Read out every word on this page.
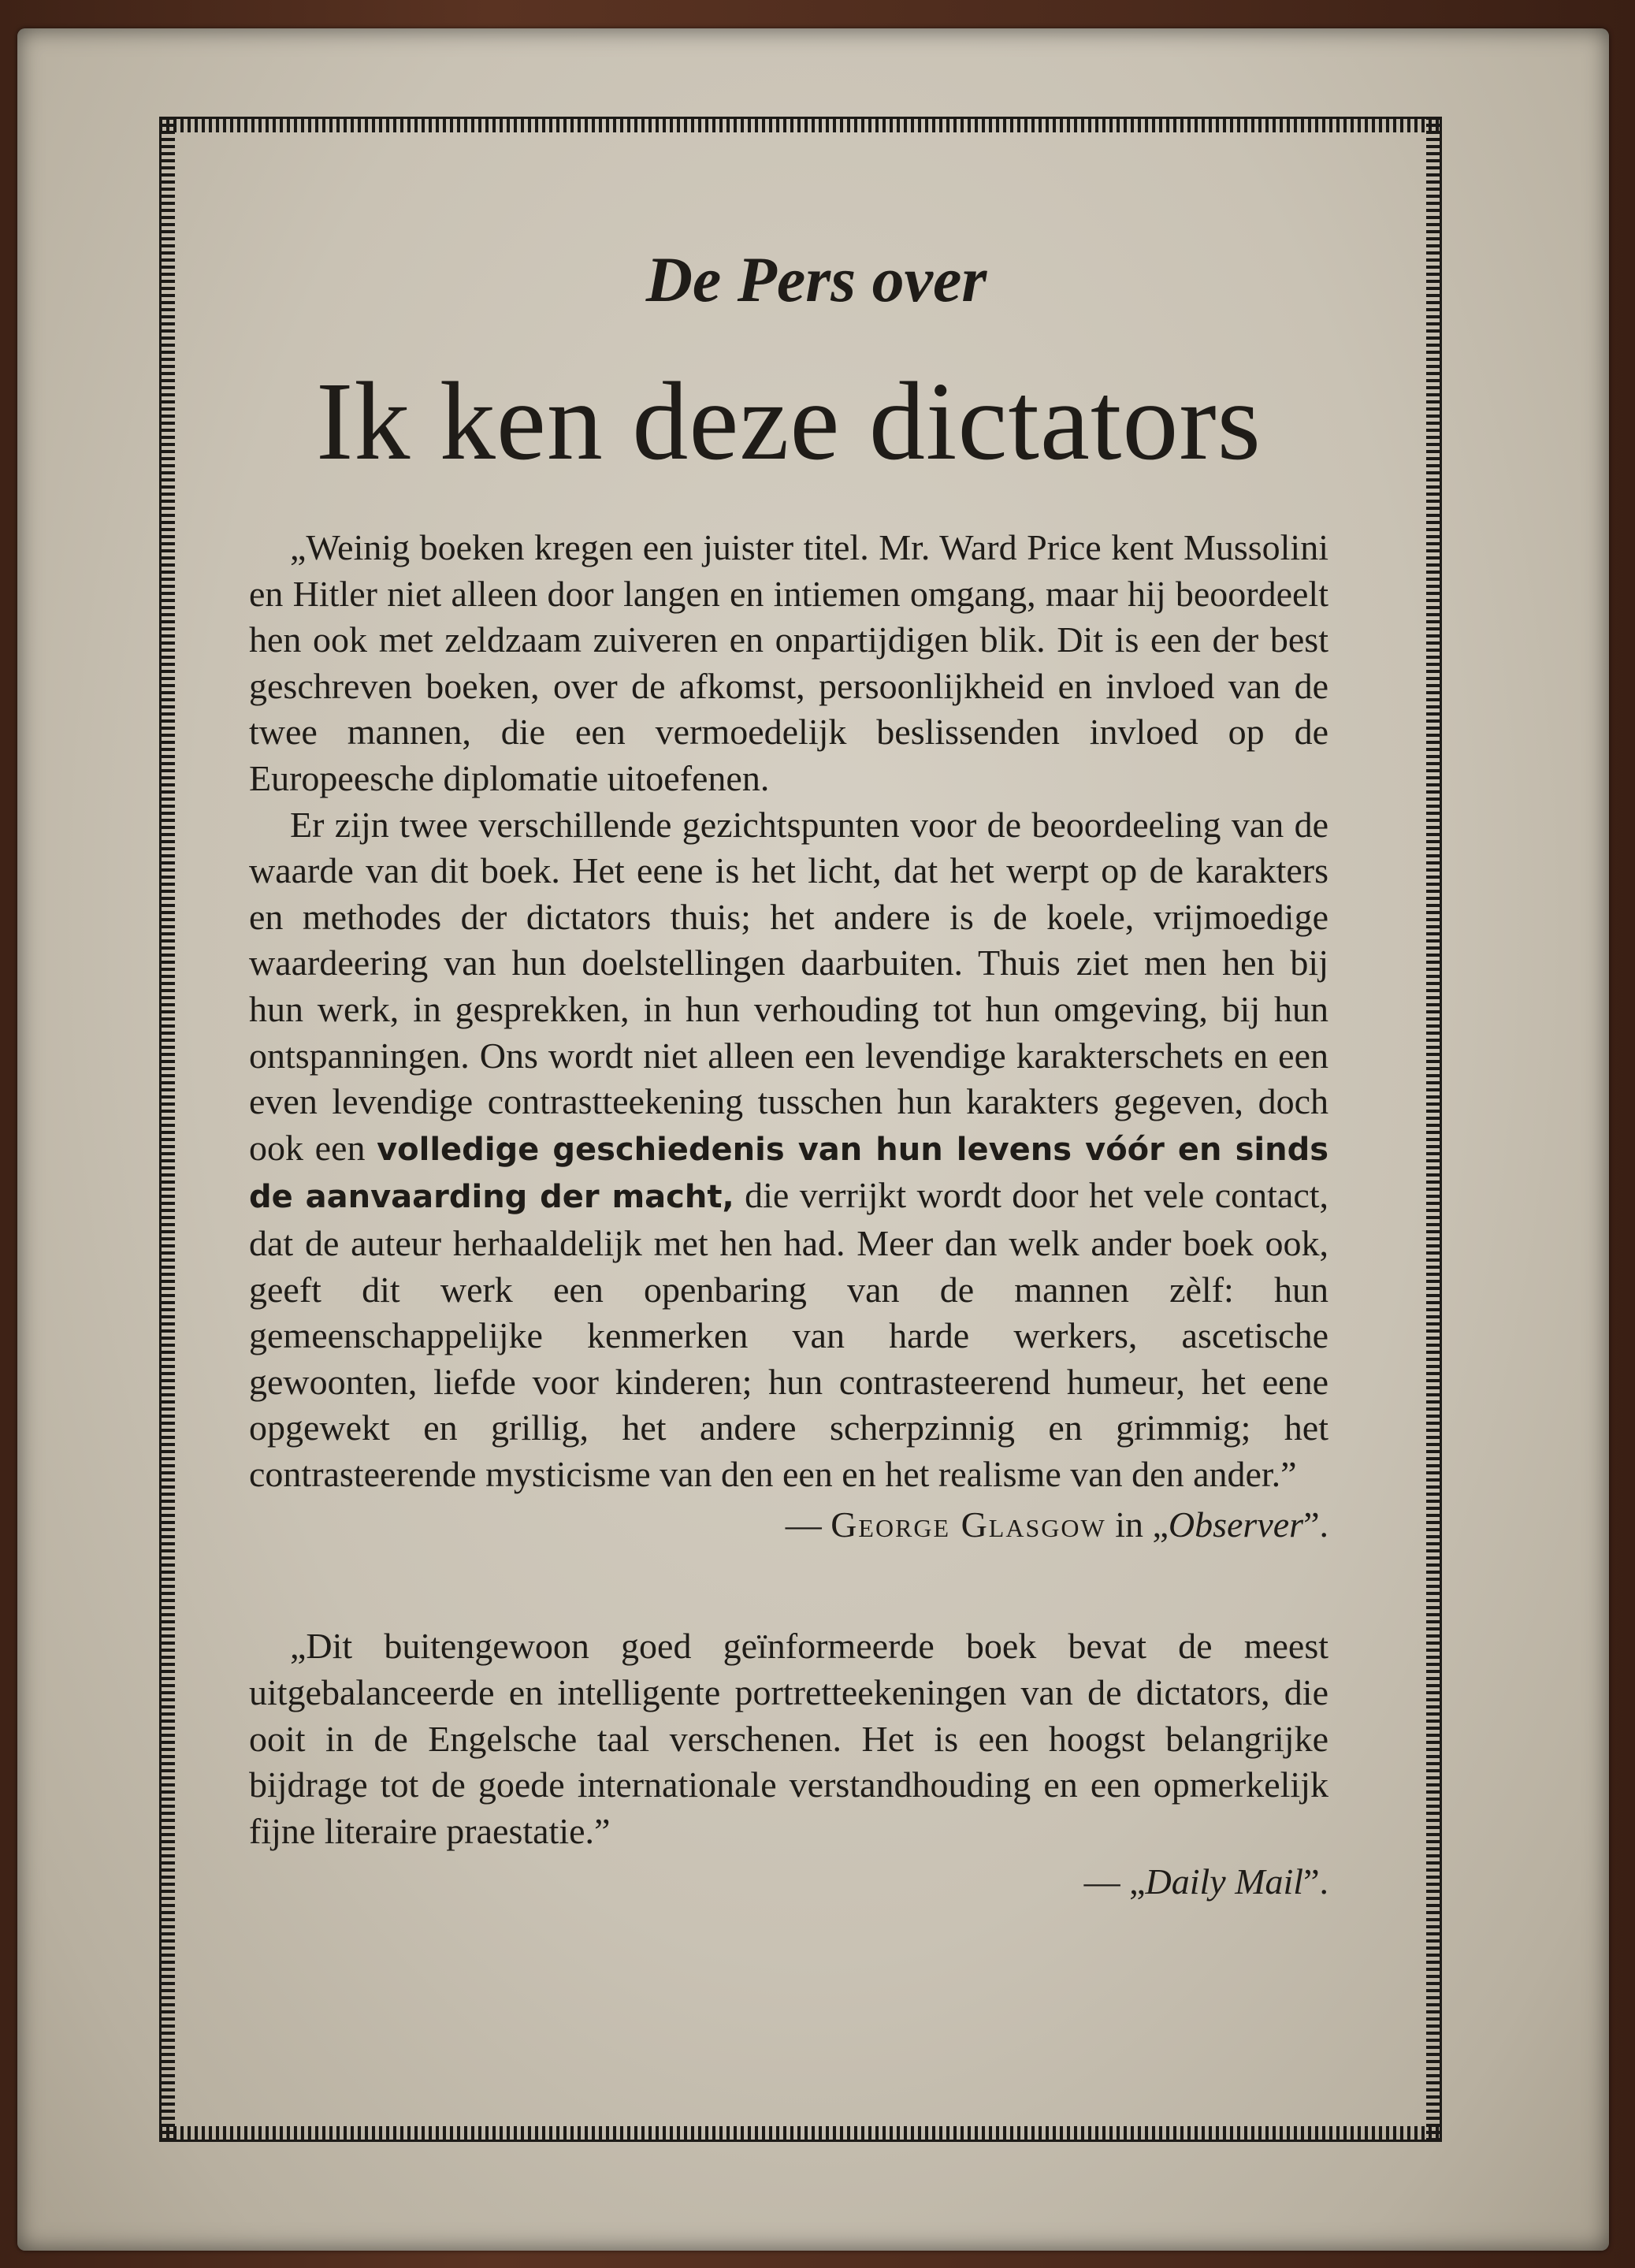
De Pers over
Ik ken deze dictators

„Weinig boeken kregen een juister titel. Mr. Ward Price kent Mussolini en Hitler niet alleen door langen en intiemen omgang, maar hij beoordeelt hen ook met zeldzaam zuiveren en onpartijdigen blik. Dit is een der best geschreven boeken, over de afkomst, persoonlijkheid en invloed van de twee mannen, die een vermoedelijk beslissenden invloed op de Europeesche diplomatie uitoefenen.

Er zijn twee verschillende gezichtspunten voor de beoordeeling van de waarde van dit boek. Het eene is het licht, dat het werpt op de karakters en methodes der dictators thuis; het andere is de koele, vrijmoedige waardeering van hun doelstellingen daarbuiten. Thuis ziet men hen bij hun werk, in gesprekken, in hun verhouding tot hun omgeving, bij hun ontspanningen. Ons wordt niet alleen een levendige karakterschets en een even levendige contrastteekening tusschen hun karakters gegeven, doch ook een volledige geschiedenis van hun levens vóór en sinds de aanvaarding der macht, die verrijkt wordt door het vele contact, dat de auteur herhaaldelijk met hen had. Meer dan welk ander boek ook, geeft dit werk een openbaring van de mannen zèlf: hun gemeenschappelijke kenmerken van harde werkers, ascetische gewoonten, liefde voor kinderen; hun contrasteerend humeur, het eene opgewekt en grillig, het andere scherpzinnig en grimmig; het contrasteerende mysticisme van den een en het realisme van den ander.”

— George Glasgow in „Observer”.

„Dit buitengewoon goed geïnformeerde boek bevat de meest uitgebalanceerde en intelligente portretteekeningen van de dictators, die ooit in de Engelsche taal verschenen. Het is een hoogst belangrijke bijdrage tot de goede internationale verstandhouding en een opmerkelijk fijne literaire praestatie.”

— „Daily Mail”.
